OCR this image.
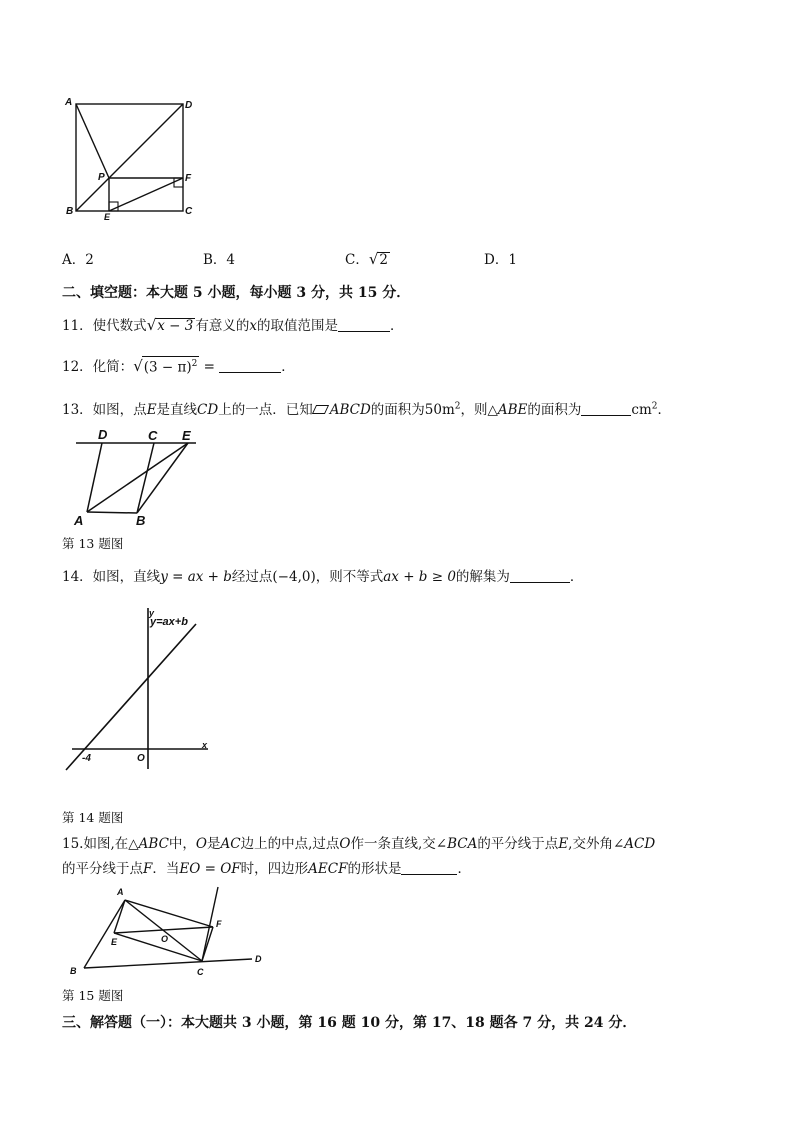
A	D
P	F
B	E	C
A．2	B．4	C．√2	D．1
二、填空题：本大题 5 小题，每小题 3 分，共 15 分．
11．使代数式√x − 3 有意义的x的取值范围是	．
12．化简：$√(3 - \pi)^2$ =	．
13．如图，点E是直线CD上的一点．已知 ABCD的面积为$50m^2$，则△ABE的面积为	$cm^2$．
D	C E
A	B
第 13 题图
14．如图，直线y = ax + b经过点(−4,0)，则不等式ax + b ≥ 0的解集为	．
y
y=ax+b
x
O
-4
第 14 题图
15.如图,在△ABC中，O是AC边上的中点,过点O作一条直线,交∠BCA的平分线于点E,交外角∠ACD
的平分线于点F．当EO = OF时，四边形AECF的形状是	．
A
F
E	O
B	C
D
第 15 题图
三、解答题（一）：本大题共 3 小题，第 16 题 10 分，第 17、18 题各 7 分，共 24 分．
